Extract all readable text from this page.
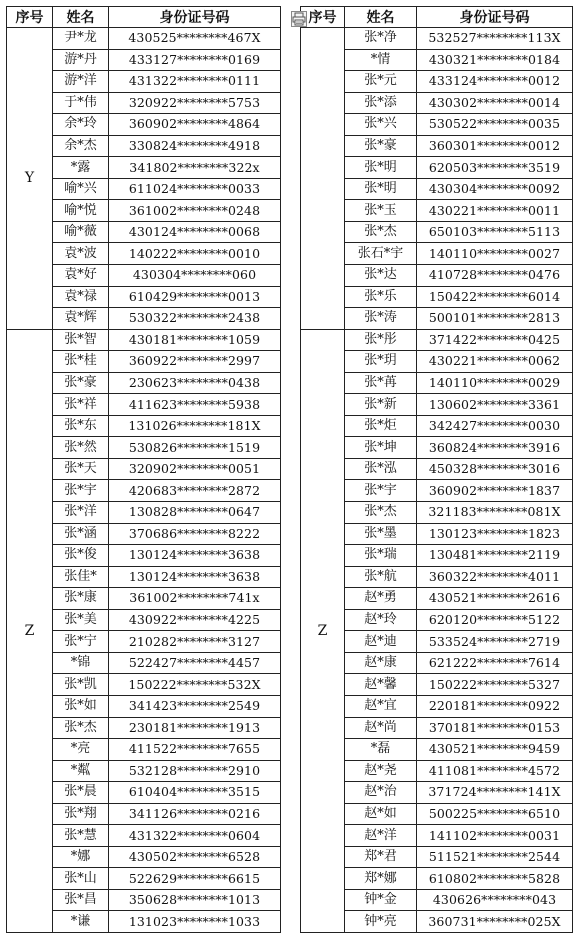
序号	姓名	身份证号码
Y	尹*龙	430525********467X
	游*丹	433127********0169
	游*洋	431322********0111
	于*伟	320922********5753
	余*玲	360902********4864
	余*杰	330824********4918
	*露	341802********322x
	喻*兴	611024********0033
	喻*悦	361002********0248
	喻*薇	430124********0068
	袁*波	140222********0010
	袁*好	430304********060
	袁*禄	610429********0013
	袁*辉	530322********2438
Z	张*智	430181********1059
	张*桂	360922********2997
	张*豪	230623********0438
	张*祥	411623********5938
	张*东	131026********181X
	张*然	530826********1519
	张*天	320902********0051
	张*宇	420683********2872
	张*洋	130828********0647
	张*涵	370686********8222
	张*俊	130124********3638
	张佳*	130124********3638
	张*康	361002********741x
	张*美	430922********4225
	张*宁	210282********3127
	*锦	522427********4457
	张*凯	150222********532X
	张*如	341423********2549
	张*杰	230181********1913
	*亮	411522********7655
	*粼	532128********2910
	张*晨	610404********3515
	张*翔	341126********0216
	张*慧	431322********0604
	*娜	430502********6528
	张*山	522629********6615
	张*昌	350628********1013
	*谦	131023********1033
序号	姓名	身份证号码
	张*净	532527********113X
	*情	430321********0184
	张*元	433124********0012
	张*添	430302********0014
	张*兴	530522********0035
	张*豪	360301********0012
	张*明	620503********3519
	张*明	430304********0092
	张*玉	430221********0011
	张*杰	650103********5113
	张石*宇	140110********0027
	张*达	410728********0476
	张*乐	150422********6014
	张*涛	500101********2813
Z	张*彤	371422********0425
	张*玥	430221********0062
	张*苒	140110********0029
	张*新	130602********3361
	张*炬	342427********0030
	张*坤	360824********3916
	张*泓	450328********3016
	张*宇	360902********1837
	张*杰	321183********081X
	张*墨	130123********1823
	张*瑞	130481********2119
	张*航	360322********4011
	赵*勇	430521********2616
	赵*玲	620120********5122
	赵*迪	533524********2719
	赵*康	621222********7614
	赵*馨	150222********5327
	赵*宜	220181********0922
	赵*尚	370181********0153
	*磊	430521********9459
	赵*尧	411081********4572
	赵*治	371724********141X
	赵*如	500225********6510
	赵*洋	141102********0031
	郑*君	511521********2544
	郑*娜	610802********5828
	钟*金	430626********043
	钟*亮	360731********025X
